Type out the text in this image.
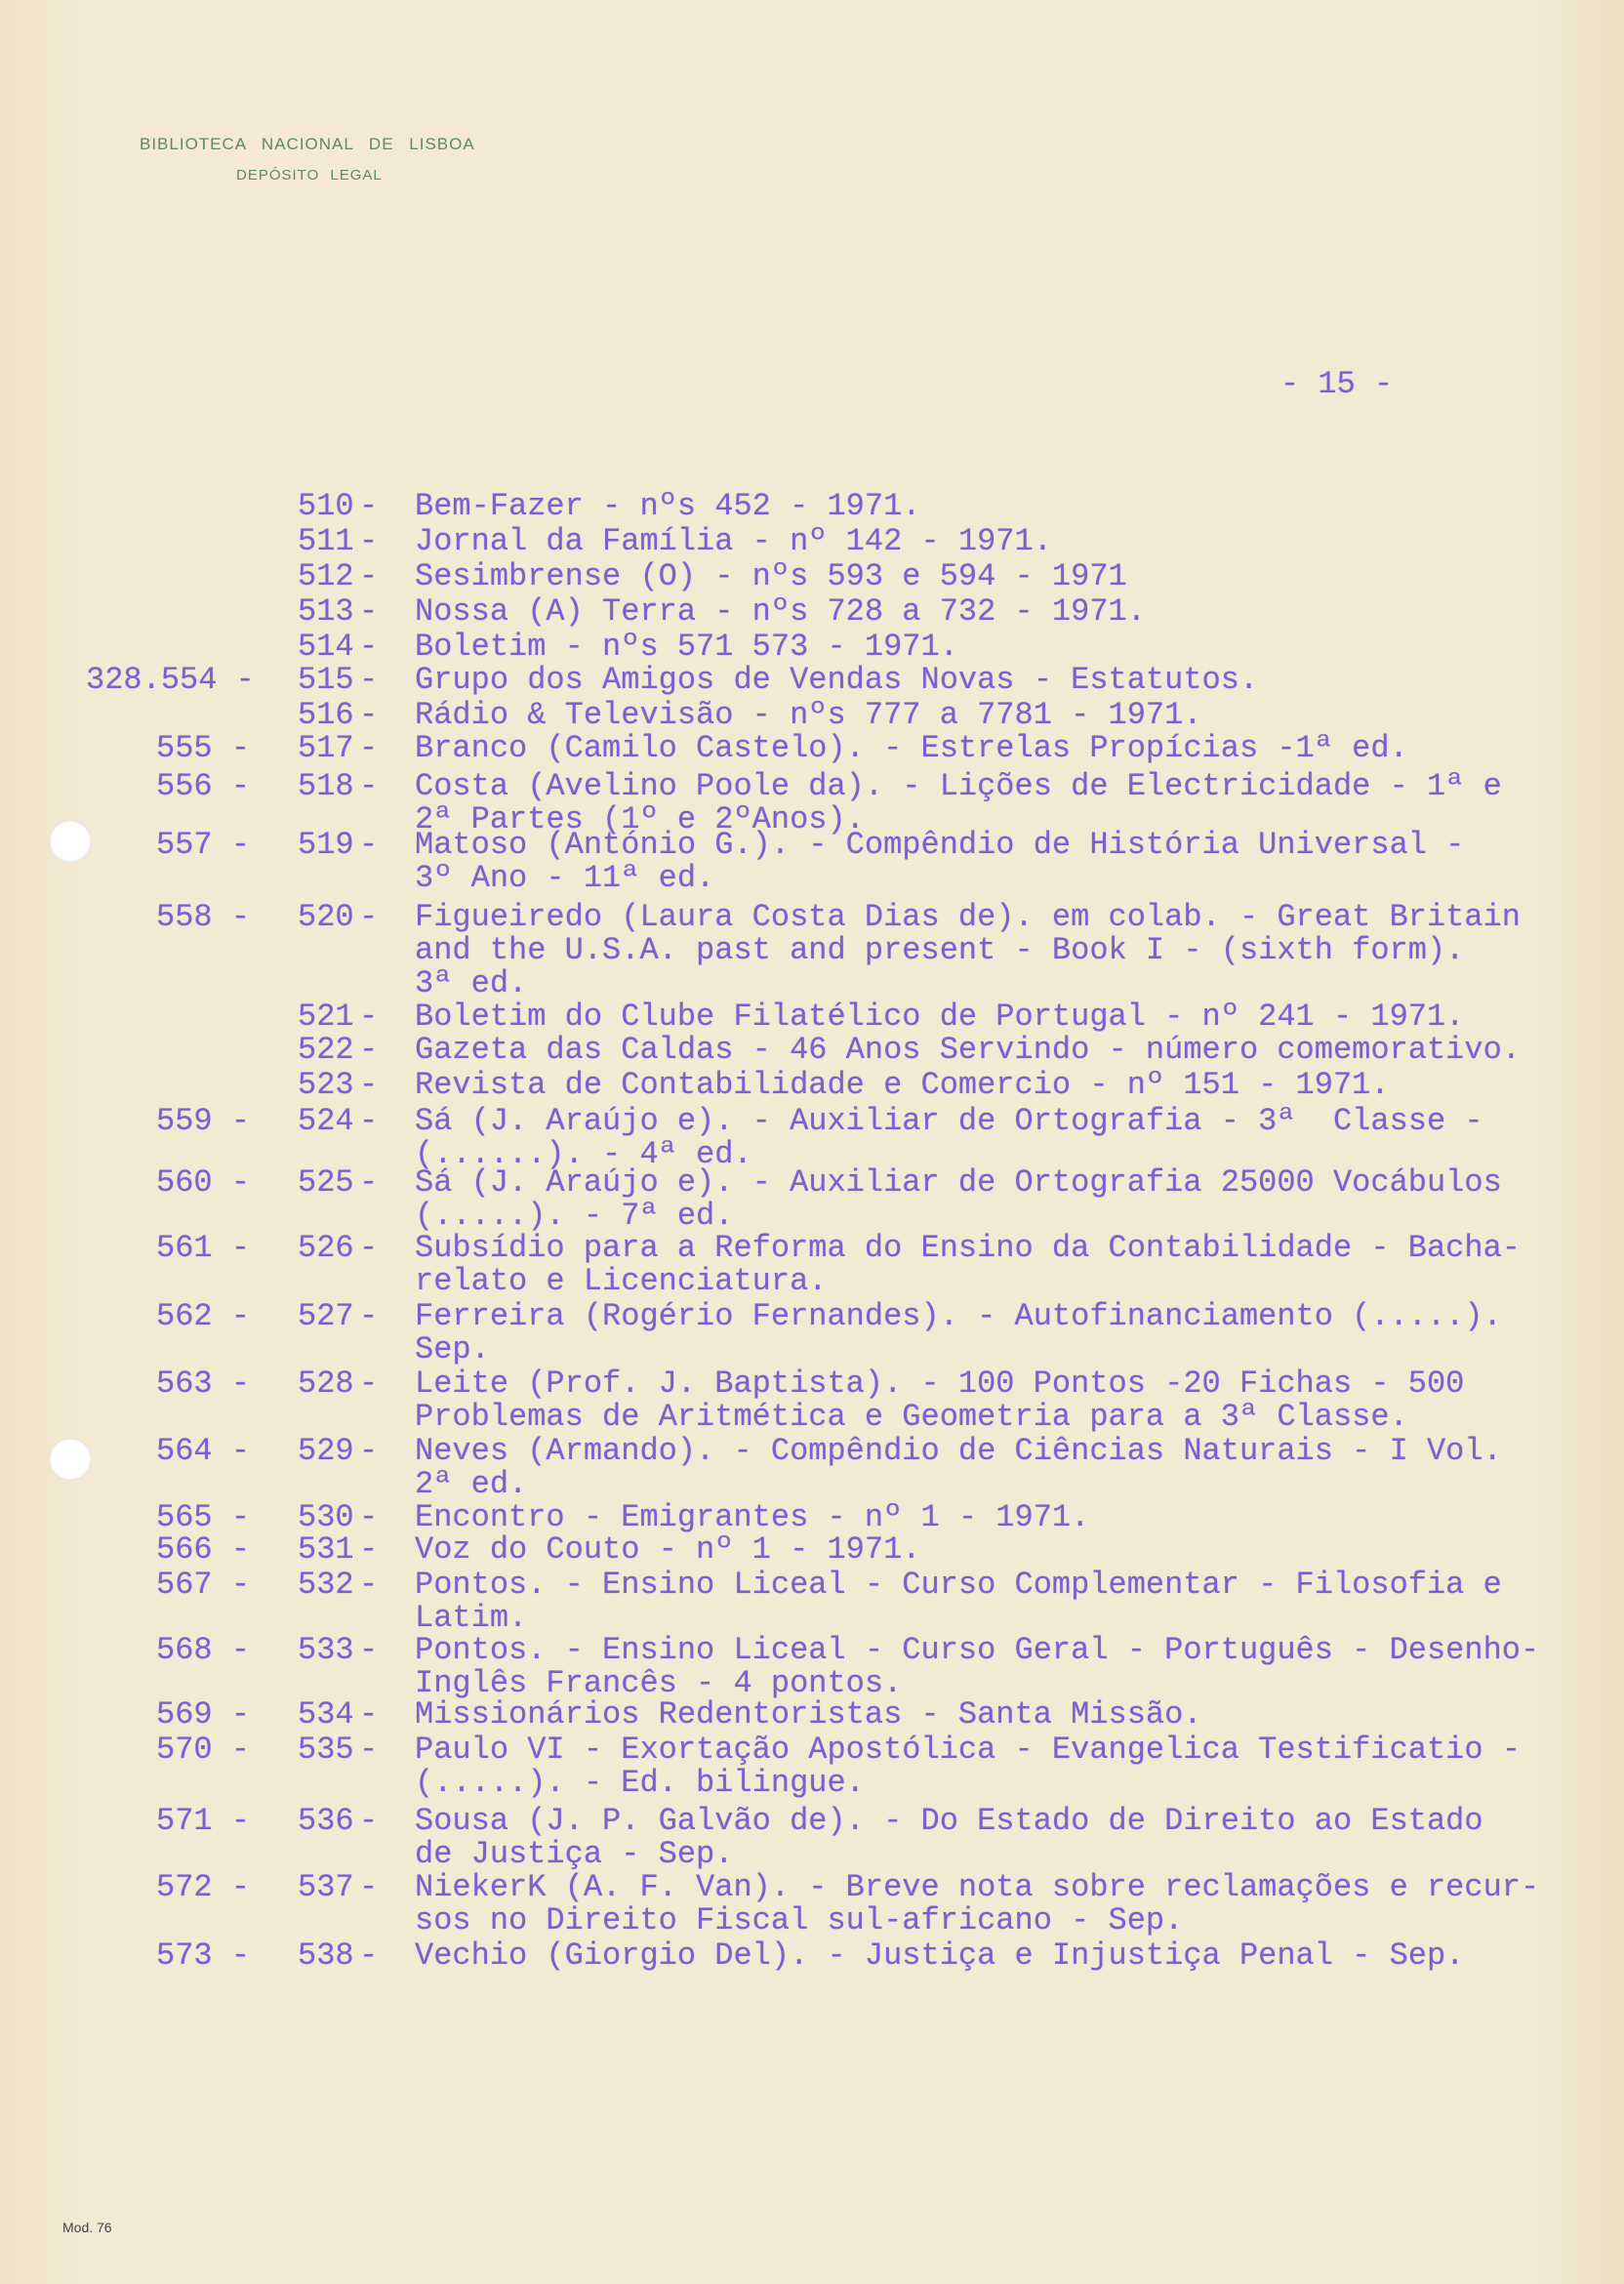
BIBLIOTECA NACIONAL DE LISBOA
DEPÓSITO LEGAL
- 15 -
510 - Bem-Fazer - nºs 452 - 1971.
511 - Jornal da Família - nº 142 - 1971.
512 - Sesimbrense (O) - nºs 593 e 594 - 1971
513 - Nossa (A) Terra - nºs 728 a 732 - 1971.
514 - Boletim - nºs 571 573 - 1971.
328.554 - 515 - Grupo dos Amigos de Vendas Novas - Estatutos.
516 - Rádio & Televisão - nºs 777 a 7781 - 1971.
555 - 517 - Branco (Camilo Castelo). - Estrelas Propícias -1ª ed.
556 - 518 - Costa (Avelino Poole da). - Lições de Electricidade - 1ª e
2ª Partes (1º e 2ºAnos).
557 - 519 - Matoso (António G.). - Compêndio de História Universal -
3º Ano - 11ª ed.
558 - 520 - Figueiredo (Laura Costa Dias de). em colab. - Great Britain
and the U.S.A. past and present - Book I - (sixth form).
3ª ed.
521 - Boletim do Clube Filatélico de Portugal - nº 241 - 1971.
522 - Gazeta das Caldas - 46 Anos Servindo - número comemorativo.
523 - Revista de Contabilidade e Comercio - nº 151 - 1971.
559 - 524 - Sá (J. Araújo e). - Auxiliar de Ortografia - 3ª  Classe -
(......). - 4ª ed.
560 - 525 - Sá (J. Araújo e). - Auxiliar de Ortografia 25000 Vocábulos
(.....). - 7ª ed.
561 - 526 - Subsídio para a Reforma do Ensino da Contabilidade - Bacha-
relato e Licenciatura.
562 - 527 - Ferreira (Rogério Fernandes). - Autofinanciamento (.....).
Sep.
563 - 528 - Leite (Prof. J. Baptista). - 100 Pontos -20 Fichas - 500
Problemas de Aritmética e Geometria para a 3ª Classe.
564 - 529 - Neves (Armando). - Compêndio de Ciências Naturais - I Vol.
2ª ed.
565 - 530 - Encontro - Emigrantes - nº 1 - 1971.
566 - 531 - Voz do Couto - nº 1 - 1971.
567 - 532 - Pontos. - Ensino Liceal - Curso Complementar - Filosofia e
Latim.
568 - 533 - Pontos. - Ensino Liceal - Curso Geral - Português - Desenho-
Inglês Francês - 4 pontos.
569 - 534 - Missionários Redentoristas - Santa Missão.
570 - 535 - Paulo VI - Exortação Apostólica - Evangelica Testificatio -
(.....). - Ed. bilingue.
571 - 536 - Sousa (J. P. Galvão de). - Do Estado de Direito ao Estado
de Justiça - Sep.
572 - 537 - NiekerK (A. F. Van). - Breve nota sobre reclamações e recur-
sos no Direito Fiscal sul-africano - Sep.
573 - 538 - Vechio (Giorgio Del). - Justiça e Injustiça Penal - Sep.
Mod. 76
